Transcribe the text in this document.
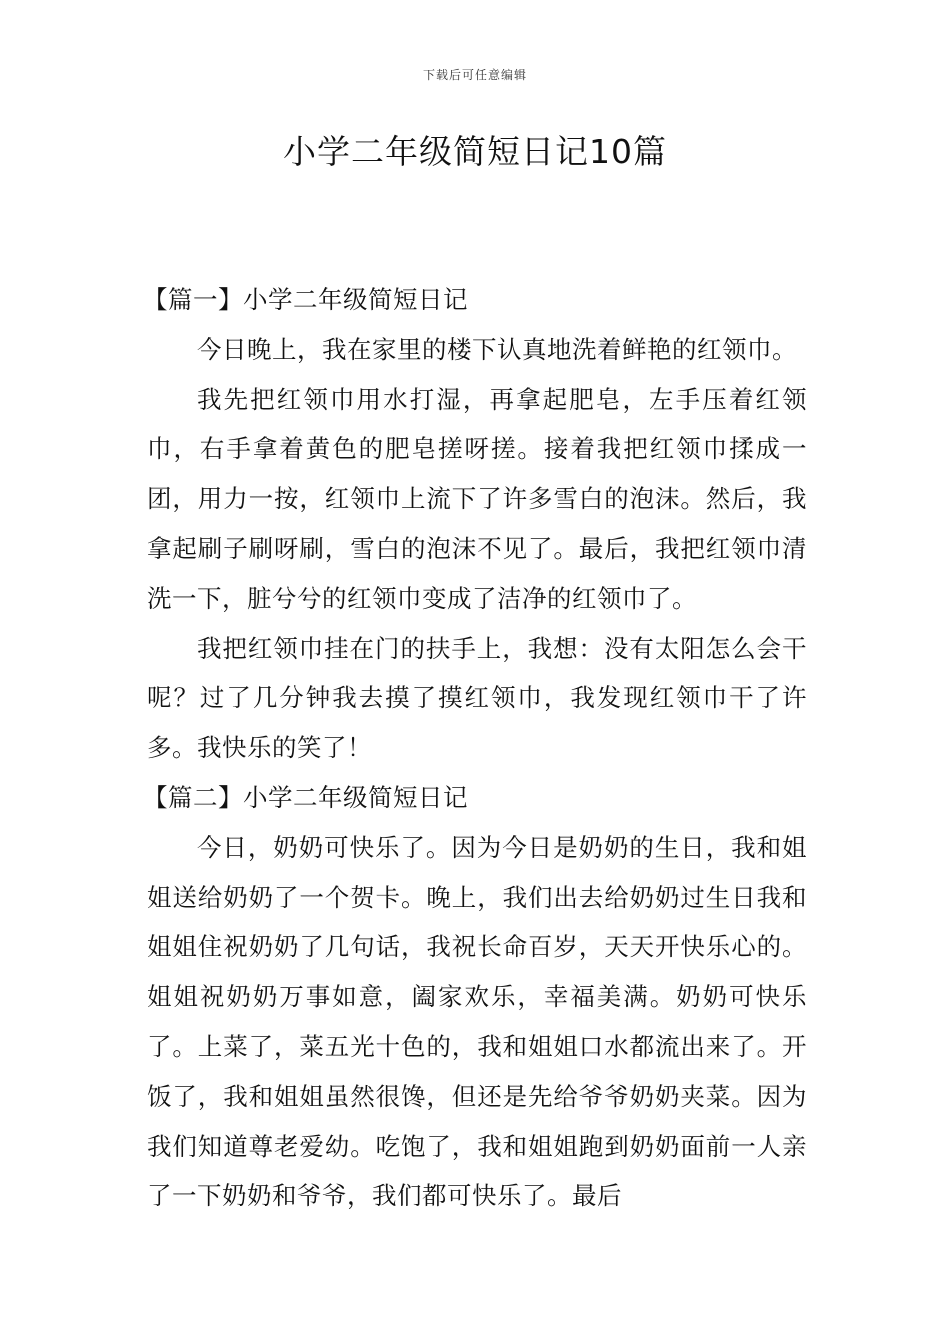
下载后可任意编辑
小学二年级简短日记10篇

【篇一】小学二年级简短日记

今日晚上，我在家里的楼下认真地洗着鲜艳的红领巾。

我先把红领巾用水打湿，再拿起肥皂，左手压着红领巾，右手拿着黄色的肥皂搓呀搓。接着我把红领巾揉成一团，用力一按，红领巾上流下了许多雪白的泡沫。然后，我拿起刷子刷呀刷，雪白的泡沫不见了。最后，我把红领巾清洗一下，脏兮兮的红领巾变成了洁净的红领巾了。

我把红领巾挂在门的扶手上，我想：没有太阳怎么会干呢？过了几分钟我去摸了摸红领巾，我发现红领巾干了许多。我快乐的笑了！

【篇二】小学二年级简短日记

今日，奶奶可快乐了。因为今日是奶奶的生日，我和姐姐送给奶奶了一个贺卡。晚上，我们出去给奶奶过生日我和姐姐住祝奶奶了几句话，我祝长命百岁，天天开快乐心的。姐姐祝奶奶万事如意，阖家欢乐，幸福美满。奶奶可快乐了。上菜了，菜五光十色的，我和姐姐口水都流出来了。开饭了，我和姐姐虽然很馋，但还是先给爷爷奶奶夹菜。因为我们知道尊老爱幼。吃饱了，我和姐姐跑到奶奶面前一人亲了一下奶奶和爷爷，我们都可快乐了。最后
